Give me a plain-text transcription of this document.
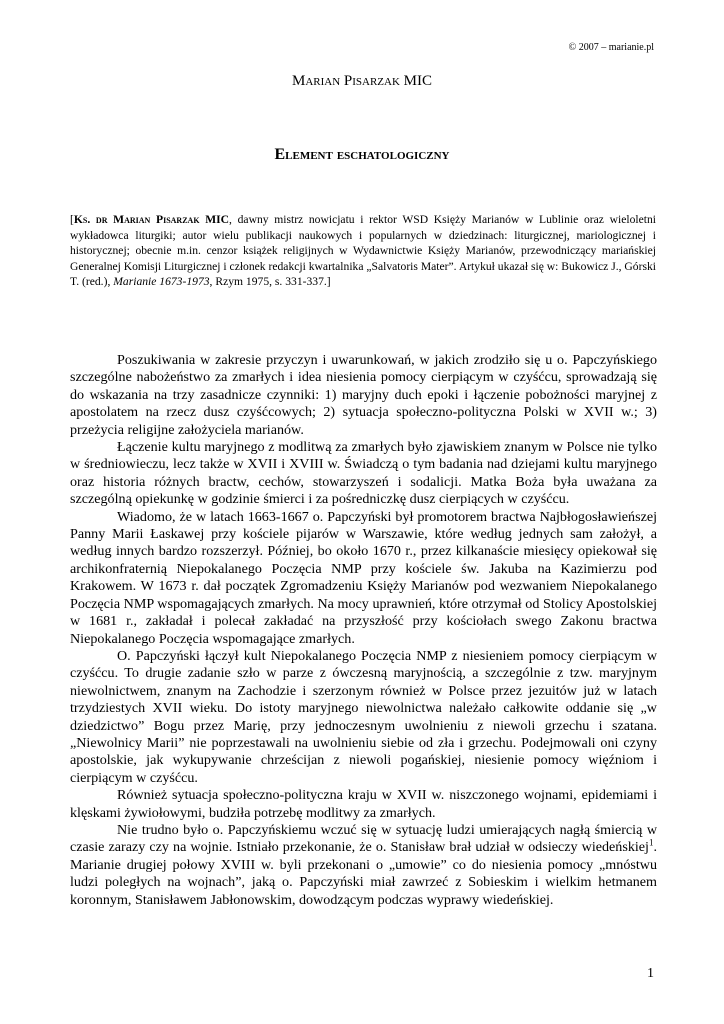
© 2007 – marianie.pl
Marian Pisarzak MIC
Element eschatologiczny
[Ks. dr Marian Pisarzak MIC, dawny mistrz nowicjatu i rektor WSD Księży Marianów w Lublinie oraz wieloletni wykładowca liturgiki; autor wielu publikacji naukowych i popularnych w dziedzinach: liturgicznej, mariologicznej i historycznej; obecnie m.in. cenzor książek religijnych w Wydawnictwie Księży Marianów, przewodniczący mariańskiej Generalnej Komisji Liturgicznej i członek redakcji kwartalnika „Salvatoris Mater”. Artykuł ukazał się w: Bukowicz J., Górski T. (red.), Marianie 1673-1973, Rzym 1975, s. 331-337.]

Poszukiwania w zakresie przyczyn i uwarunkowań, w jakich zrodziło się u o. Papczyńskiego szczególne nabożeństwo za zmarłych i idea niesienia pomocy cierpiącym w czyśćcu, sprowadzają się do wskazania na trzy zasadnicze czynniki: 1) maryjny duch epoki i łączenie pobożności maryjnej z apostolatem na rzecz dusz czyśćcowych; 2) sytuacja społeczno-polityczna Polski w XVII w.; 3) przeżycia religijne założyciela marianów.

Łączenie kultu maryjnego z modlitwą za zmarłych było zjawiskiem znanym w Polsce nie tylko w średniowieczu, lecz także w XVII i XVIII w. Świadczą o tym badania nad dziejami kultu maryjnego oraz historia różnych bractw, cechów, stowarzyszeń i sodalicji. Matka Boża była uważana za szczególną opiekunkę w godzinie śmierci i za pośredniczkę dusz cierpiących w czyśćcu.

Wiadomo, że w latach 1663-1667 o. Papczyński był promotorem bractwa Najbłogosławieńszej Panny Marii Łaskawej przy kościele pijarów w Warszawie, które według jednych sam założył, a według innych bardzo rozszerzył. Później, bo około 1670 r., przez kilkanaście miesięcy opiekował się archikonfraternią Niepokalanego Poczęcia NMP przy kościele św. Jakuba na Kazimierzu pod Krakowem. W 1673 r. dał początek Zgromadzeniu Księży Marianów pod wezwaniem Niepokalanego Poczęcia NMP wspomagających zmarłych. Na mocy uprawnień, które otrzymał od Stolicy Apostolskiej w 1681 r., zakładał i polecał zakładać na przyszłość przy kościołach swego Zakonu bractwa Niepokalanego Poczęcia wspomagające zmarłych.

O. Papczyński łączył kult Niepokalanego Poczęcia NMP z niesieniem pomocy cierpiącym w czyśćcu. To drugie zadanie szło w parze z ówczesną maryjnością, a szczególnie z tzw. maryjnym niewolnictwem, znanym na Zachodzie i szerzonym również w Polsce przez jezuitów już w latach trzydziestych XVII wieku. Do istoty maryjnego niewolnictwa należało całkowite oddanie się „w dziedzictwo” Bogu przez Marię, przy jednoczesnym uwolnieniu z niewoli grzechu i szatana. „Niewolnicy Marii” nie poprzestawali na uwolnieniu siebie od zła i grzechu. Podejmowali oni czyny apostolskie, jak wykupywanie chrześcijan z niewoli pogańskiej, niesienie pomocy więźniom i cierpiącym w czyśćcu.

Również sytuacja społeczno-polityczna kraju w XVII w. niszczonego wojnami, epidemiami i klęskami żywiołowymi, budziła potrzebę modlitwy za zmarłych.

Nie trudno było o. Papczyńskiemu wczuć się w sytuację ludzi umierających nagłą śmiercią w czasie zarazy czy na wojnie. Istniało przekonanie, że o. Stanisław brał udział w odsieczy wiedeńskiej$^1$. Marianie drugiej połowy XVIII w. byli przekonani o „umowie” co do niesienia pomocy „mnóstwu ludzi poległych na wojnach”, jaką o. Papczyński miał zawrzeć z Sobieskim i wielkim hetmanem koronnym, Stanisławem Jabłonowskim, dowodzącym podczas wyprawy wiedeńskiej.

1
